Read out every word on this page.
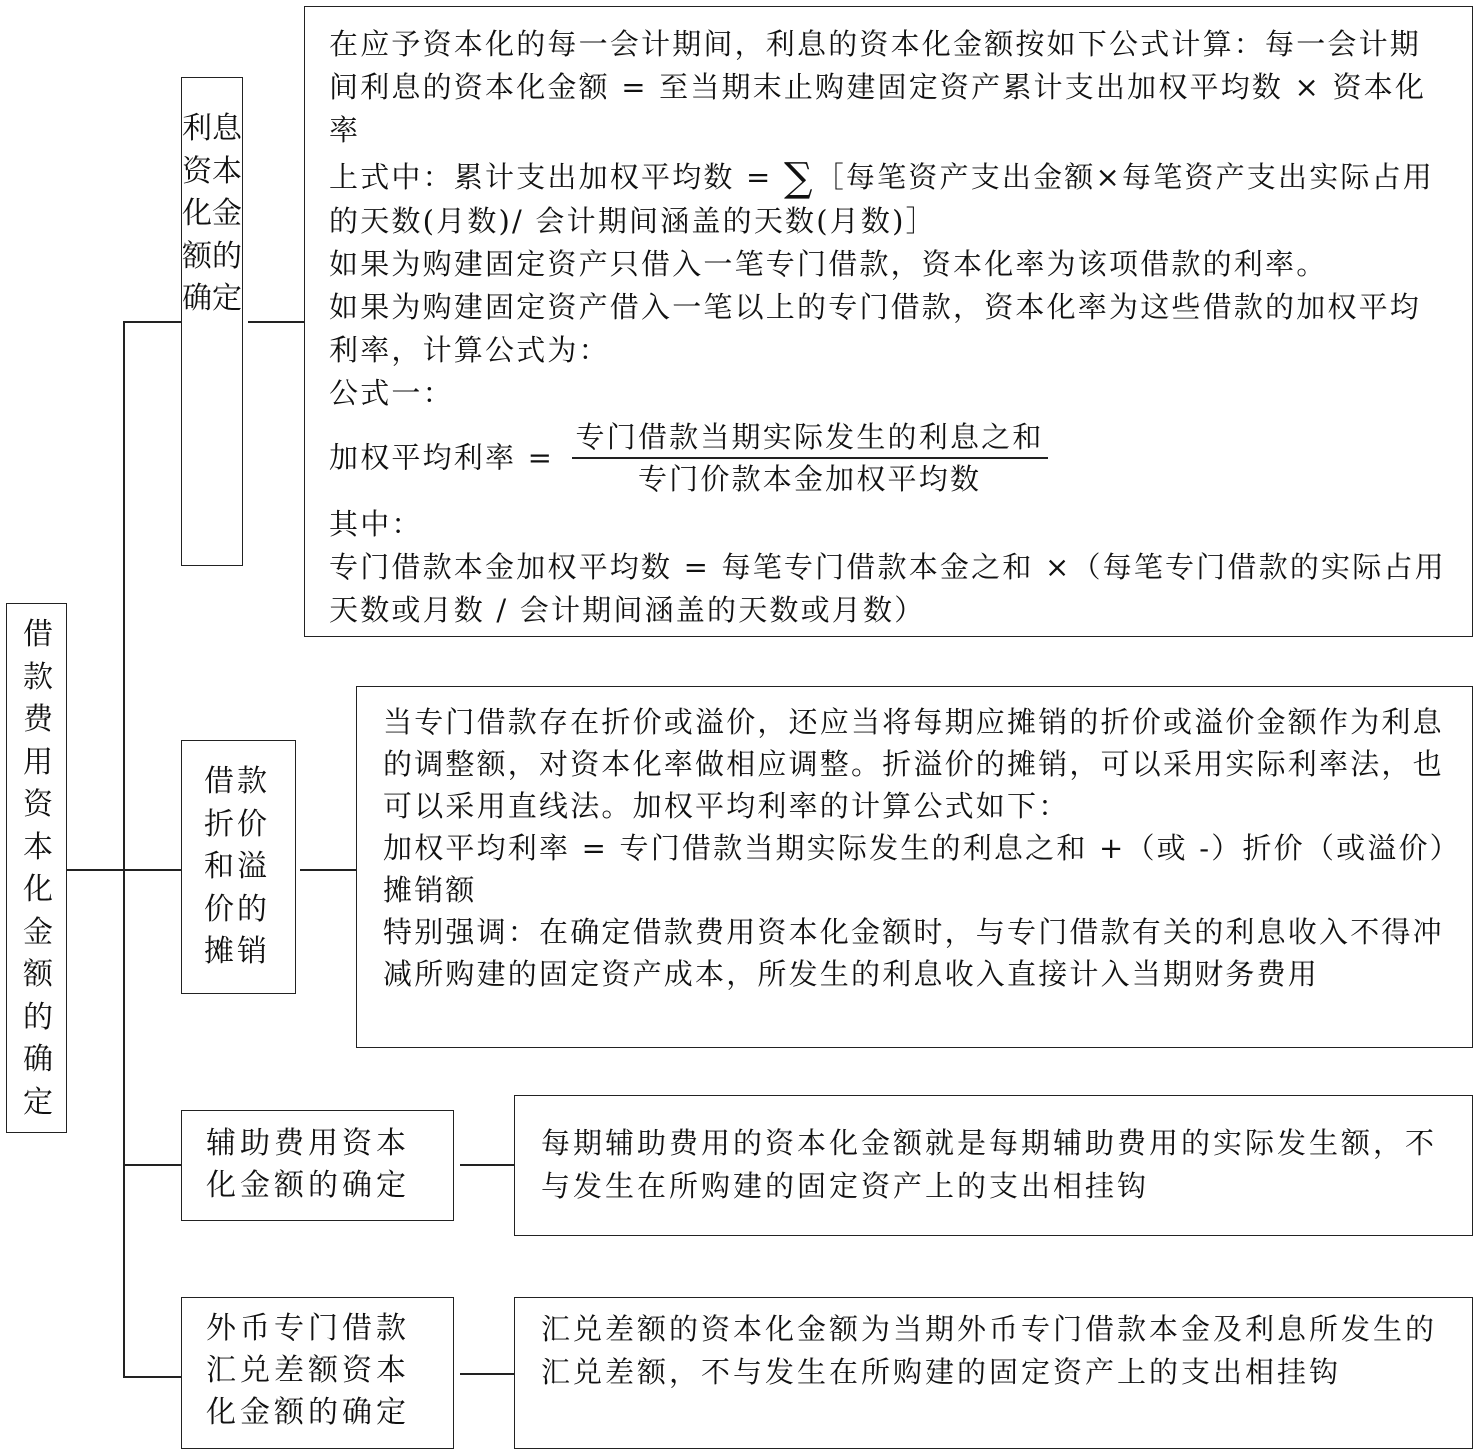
借款费用资本化金额的确定
利息资本化金额的确定
借款折价和溢价的摊销
辅助费用资本化金额的确定
外币专门借款汇兑差额资本化金额的确定

在应予资本化的每一会计期间，利息的资本化金额按如下公式计算：每一会计期间利息的资本化金额 = 至当期末止购建固定资产累计支出加权平均数 × 资本化率

上式中：累计支出加权平均数 = ∑［每笔资产支出金额×每笔资产支出实际占用的天数(月数)/ 会计期间涵盖的天数(月数)］

如果为购建固定资产只借入一笔专门借款，资本化率为该项借款的利率。

如果为购建固定资产借入一笔以上的专门借款，资本化率为这些借款的加权平均利率，计算公式为：

公式一：

加权平均利率 = $\frac{\text{专门借款当期实际发生的利息之和}}{\text{专门价款本金加权平均数}}$

其中：

专门借款本金加权平均数 = 每笔专门借款本金之和 ×（每笔专门借款的实际占用天数或月数 / 会计期间涵盖的天数或月数）

当专门借款存在折价或溢价，还应当将每期应摊销的折价或溢价金额作为利息的调整额，对资本化率做相应调整。折溢价的摊销，可以采用实际利率法，也可以采用直线法。加权平均利率的计算公式如下：

加权平均利率 = 专门借款当期实际发生的利息之和 +（或 -）折价（或溢价）摊销额

特别强调：在确定借款费用资本化金额时，与专门借款有关的利息收入不得冲减所购建的固定资产成本，所发生的利息收入直接计入当期财务费用

每期辅助费用的资本化金额就是每期辅助费用的实际发生额，不与发生在所购建的固定资产上的支出相挂钩
汇兑差额的资本化金额为当期外币专门借款本金及利息所发生的汇兑差额，不与发生在所购建的固定资产上的支出相挂钩
